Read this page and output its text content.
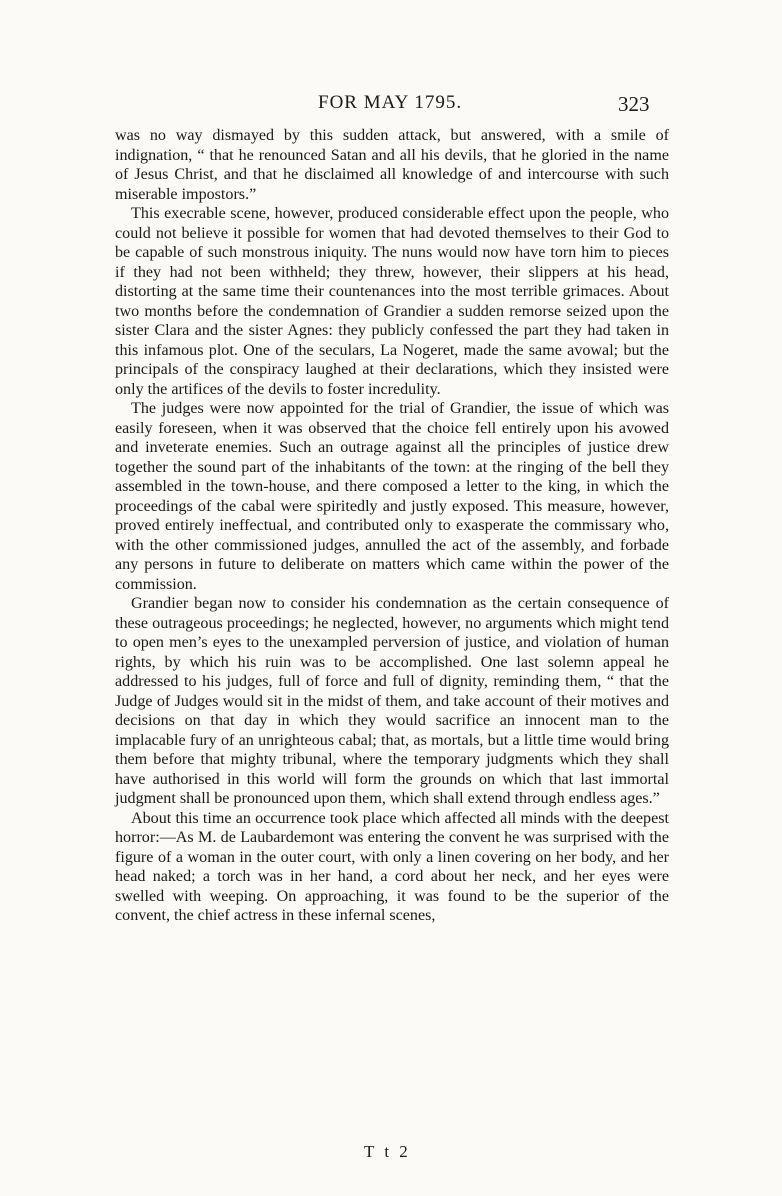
FOR MAY 1795.	323

was no way dismayed by this sudden attack, but answered, with a smile of indignation, “ that he renounced Satan and all his devils, that he gloried in the name of Jesus Christ, and that he disclaimed all knowledge of and intercourse with such miserable impostors.”

This execrable scene, however, produced considerable effect upon the people, who could not believe it possible for women that had devoted themselves to their God to be capable of such monstrous iniquity. The nuns would now have torn him to pieces if they had not been withheld; they threw, however, their slippers at his head, distorting at the same time their countenances into the most terrible grimaces. About two months before the condemnation of Grandier a sudden remorse seized upon the sister Clara and the sister Agnes: they publicly confessed the part they had taken in this infamous plot. One of the seculars, La Nogeret, made the same avowal; but the principals of the conspiracy laughed at their declarations, which they insisted were only the artifices of the devils to foster incredulity.

The judges were now appointed for the trial of Grandier, the issue of which was easily foreseen, when it was observed that the choice fell entirely upon his avowed and inveterate enemies. Such an outrage against all the principles of justice drew together the sound part of the inhabitants of the town: at the ringing of the bell they assembled in the town-house, and there composed a letter to the king, in which the proceedings of the cabal were spiritedly and justly exposed. This measure, however, proved entirely ineffectual, and contributed only to exasperate the commissary who, with the other commissioned judges, annulled the act of the assembly, and forbade any persons in future to deliberate on matters which came within the power of the commission.

Grandier began now to consider his condemnation as the certain consequence of these outrageous proceedings; he neglected, however, no arguments which might tend to open men’s eyes to the unexampled perversion of justice, and violation of human rights, by which his ruin was to be accomplished. One last solemn appeal he addressed to his judges, full of force and full of dignity, reminding them, “ that the Judge of Judges would sit in the midst of them, and take account of their motives and decisions on that day in which they would sacrifice an innocent man to the implacable fury of an unrighteous cabal; that, as mortals, but a little time would bring them before that mighty tribunal, where the temporary judgments which they shall have authorised in this world will form the grounds on which that last immortal judgment shall be pronounced upon them, which shall extend through endless ages.”

About this time an occurrence took place which affected all minds with the deepest horror:—As M. de Laubardemont was entering the convent he was surprised with the figure of a woman in the outer court, with only a linen covering on her body, and her head naked; a torch was in her hand, a cord about her neck, and her eyes were swelled with weeping. On approaching, it was found to be the superior of the convent, the chief actress in these infernal scenes,

T t 2
